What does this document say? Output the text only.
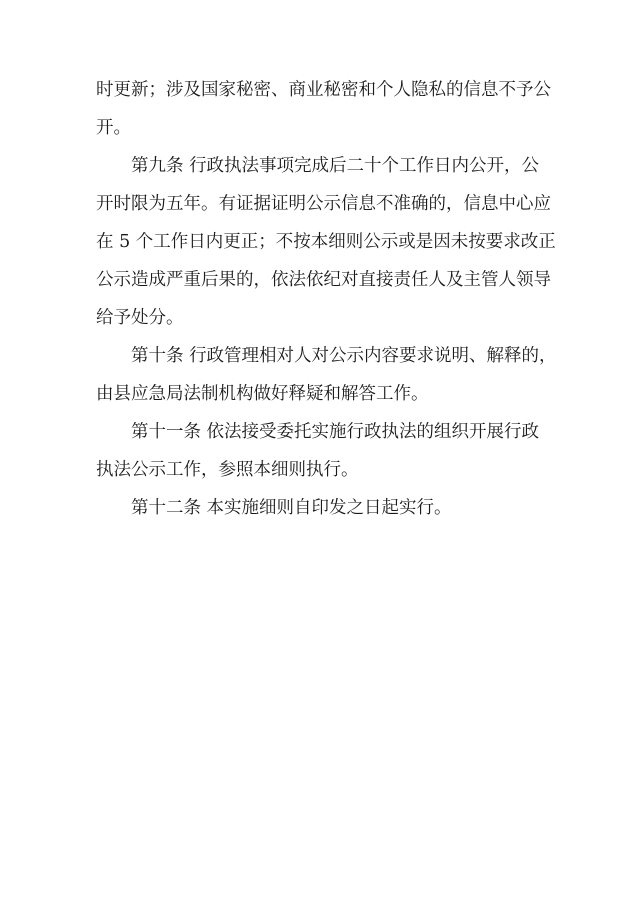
时更新；涉及国家秘密、商业秘密和个人隐私的信息不予公
开。
第九条 行政执法事项完成后二十个工作日内公开，公
开时限为五年。有证据证明公示信息不准确的，信息中心应
在 5 个工作日内更正；不按本细则公示或是因未按要求改正
公示造成严重后果的，依法依纪对直接责任人及主管人领导
给予处分。
第十条 行政管理相对人对公示内容要求说明、解释的，
由县应急局法制机构做好释疑和解答工作。
第十一条 依法接受委托实施行政执法的组织开展行政
执法公示工作，参照本细则执行。
第十二条 本实施细则自印发之日起实行。
